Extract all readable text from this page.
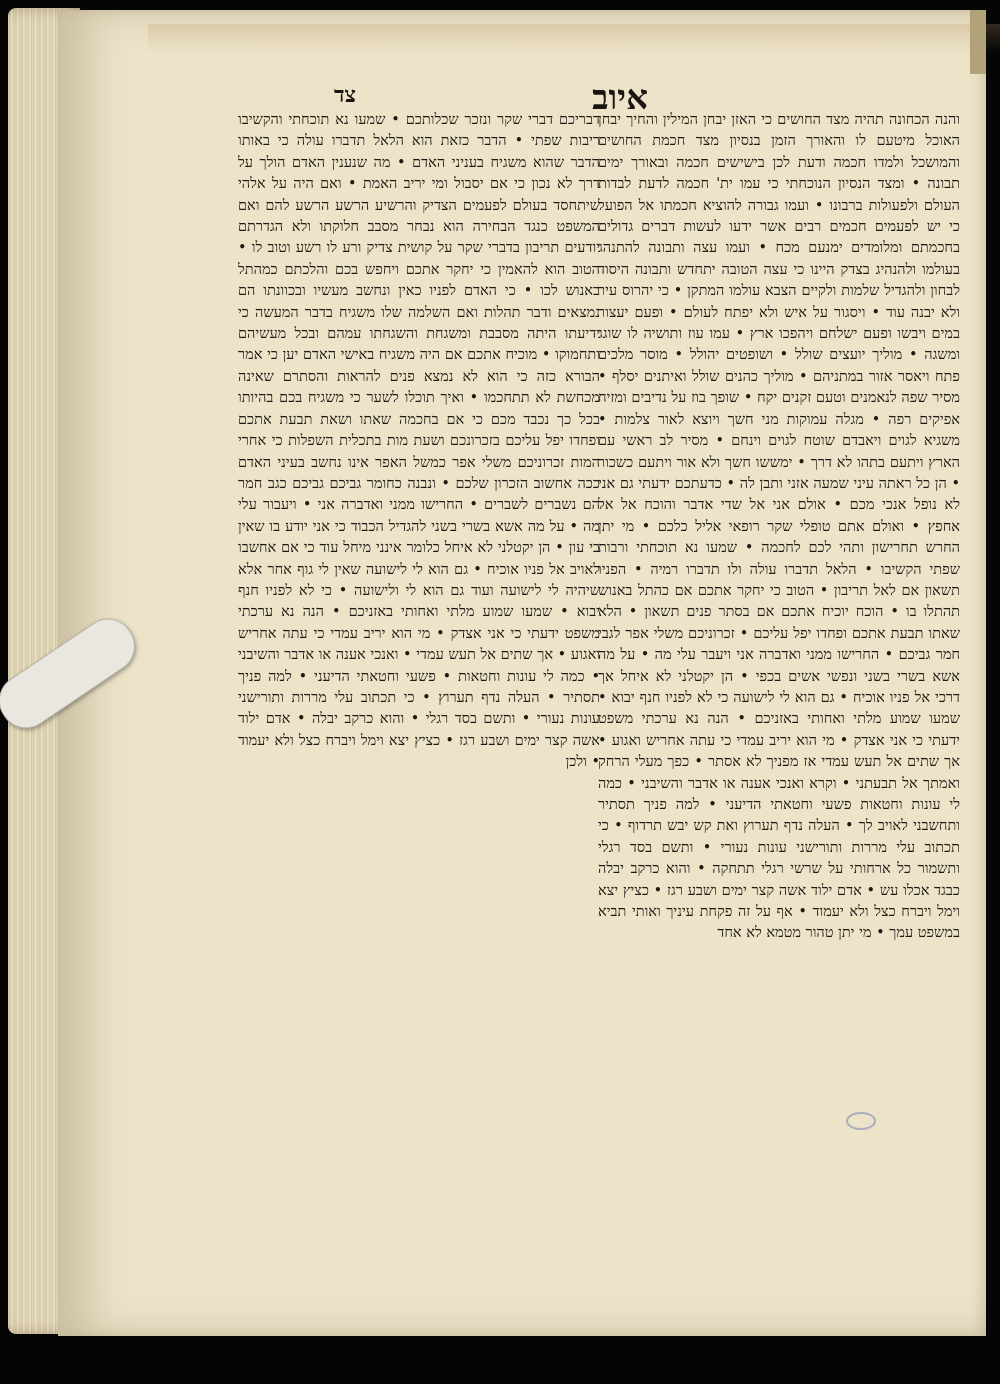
איוב
צד
והנה הכחונה תהיה מצד החושים כי האזן יבחן המילין והחיך יבחן האוכל מיטעם לו והאורך הזמן בנסיון מצד חכמת החושים והמושכל ולמדו חכמה ודעת לכן בישישים חכמה ובאורך ימים תבונה • ומצד הנסיון הנוכחתי כי עמו ית' חכמה לדעת לבדות העולם ולפעולות ברבונו • ועמו גבורה להוציא חכמתו אל הפועל כי יש לפעמים חכמים רבים אשר ידעו לעשות דברים גדולים בחכמתם ומלומדים ימנעם מכח • ועמו עצה ותבונה להתנהג בעולמו ולהנהיג בצדק היינו כי עצה הטובה יתחדש ותבונה היסוד לבחון ולהגדיל שלמות ולקיים הצבא עולמו המתקן • כי יהרוס עיר ולא יבנה עוד • ויסגור על איש ולא יפתח לעולם • ופעם יעצור במים ויבשו ופעם ישלחם ויהפכו ארץ • עמו עוז ותושיה לו שוגג ומשגה • מוליך יועצים שולל • ושופטים יהולל • מוסר מלכים פתח ויאסר אזור במתניהם • מוליך כהנים שולל ואיתנים יסלף • מסיר שפה לנאמנים וטעם זקנים יקח • שופך בוז על נדיבים ומזיח אפיקים רפה • מגלה עמוקות מני חשך ויוצא לאור צלמות • משגיא לגוים ויאבדם שוטח לגוים וינחם • מסיר לב ראשי עם הארץ ויתעם בתהו לא דרך • ימששו חשך ולא אור ויתעם כשכור • הן כל ראתה עיני שמעה אזני ותבן לה • כדעתכם ידעתי גם אני לא נופל אנכי מכם • אולם אני אל שדי אדבר והוכח אל אל אחפץ • ואולם אתם טופלי שקר רופאי אליל כלכם • מי יתן החרש תחרישון ותהי לכם לחכמה • שמעו נא תוכחתי ורבות שפתי הקשיבו • הלאל תדברו עולה ולו תדברו רמיה • הפניו תשאון אם לאל תריבון • הטוב כי יחקר אתכם אם כהתל באנוש תהתלו בו • הוכח יוכיח אתכם אם בסתר פנים תשאון • הלא שאתו תבעת אתכם ופחדו יפל עליכם • זכרוניכם משלי אפר לגבי חמר גביכם • החרישו ממני ואדברה אני ויעבר עלי מה • על מה אשא בשרי בשני ונפשי אשים בכפי • הן יקטלני לא איחל אך דרכי אל פניו אוכיח • גם הוא לי לישועה כי לא לפניו חנף יבוא • שמעו שמוע מלתי ואחותי באזניכם • הנה נא ערכתי משפט ידעתי כי אני אצדק • מי הוא יריב עמדי כי עתה אחריש ואגוע • אך שתים אל תעש עמדי אז מפניך לא אסתר • כפך מעלי הרחק ואמתך אל תבעתני • וקרא ואנכי אענה או אדבר והשיבני • כמה לי עונות וחטאות פשעי וחטאתי הדיעני • למה פניך תסתיר ותחשבני לאויב לך • העלה נדף תערוץ ואת קש יבש תרדוף • כי תכתוב עלי מררות ותורישני עונות נעורי • ותשם בסד רגלי ותשמור כל ארחותי על שרשי רגלי תתחקה • והוא כרקב יבלה כבגד אכלו עש • אדם ילוד אשה קצר ימים ושבע רגז • כציץ יצא וימל ויברח כצל ולא יעמוד • אף על זה פקחת עיניך ואותי תביא במשפט עמך • מי יתן טהור מטמא לא אחד
דבריכם דברי שקר ונזכר שכלותכם • שמעו נא תוכחתי והקשיבו ריבות שפתי • הדבר כזאת הוא הלאל תדברו עולה כי באותו הדבר שהוא משגיח בעניני האדם • מה שנענין האדם הולך על דרך לא נכון כי אם יסבול ומי יריב האמת • ואם היה על אלהי שיתחסד בעולם לפעמים הצדיק והרשיע הרשע הרשע להם ואם המשפט כנגד הבחירה הוא נבחר מסבב חלוקתו ולא הגדרתם יודעים תריבון בדברי שקר על קושית צדיק ורע לו רשע וטוב לו • הטוב הוא להאמין כי יחקר אתכם ויחפש בכם והלכתם כמהתל באנוש לכו • כי האדם לפניו כאין ונחשב מעשיו ובכוונתו הם נמצאים ודבר תהלות ואם השלמה שלו משגיח בדבר המעשה כי ידיעתו היתה מסבבת ומשגחת והשגחתו עמהם ובכל מעשיהם ותחמוקו • מוכיח אתכם אם היה משגיח באישי האדם יען כי אמר הבורא כזה כי הוא לא נמצא פנים להראות והסתרם שאינה מכחשת לא תתחכמו • ואיך תוכלו לשער כי משגיח בכם בהיותו בכל כך נכבד מכם כי אם בחכמה שאתו ושאת תבעת אתכם ופחדו יפל עליכם בזכרונכם ושעת מות בתכלית השפלות כי אחרי המות זכרוניכם משלי אפר כמשל האפר אינו נחשב בעיני האדם ככה אחשוב הזכרון שלכם • ונבנה כחומר גביכם גביכם כגב חמר הם נשברים לשברים • החרישו ממני ואדברה אני • ויעבור עלי מה • על מה אשא בשרי בשני להגדיל הכבוד כי אני יודע בו שאין בי עון • הן יקטלני לא איחל כלומר אינני מיחל עוד כי אם אחשבו לאויב אל פניו אוכיח • גם הוא לי לישועה שאין לי גוף אחר אלא שיהיה לי לישועה ועוד גם הוא לי ולישועה • כי לא לפניו חנף יבוא • שמעו שמוע מלתי ואחותי באזניכם • הנה נא ערכתי משפט ידעתי כי אני אצדק • מי הוא יריב עמדי כי עתה אחריש ואגוע • אך שתים אל תעש עמדי • ואנכי אענה או אדבר והשיבני • כמה לי עונות וחטאות • פשעי וחטאתי הדיעני • למה פניך תסתיר • העלה נדף תערוץ • כי תכתוב עלי מררות ותורישני עונות נעורי • ותשם בסד רגלי • והוא כרקב יבלה • אדם ילוד אשה קצר ימים ושבע רגז • כציץ יצא וימל ויברח כצל ולא יעמוד • ולכן
